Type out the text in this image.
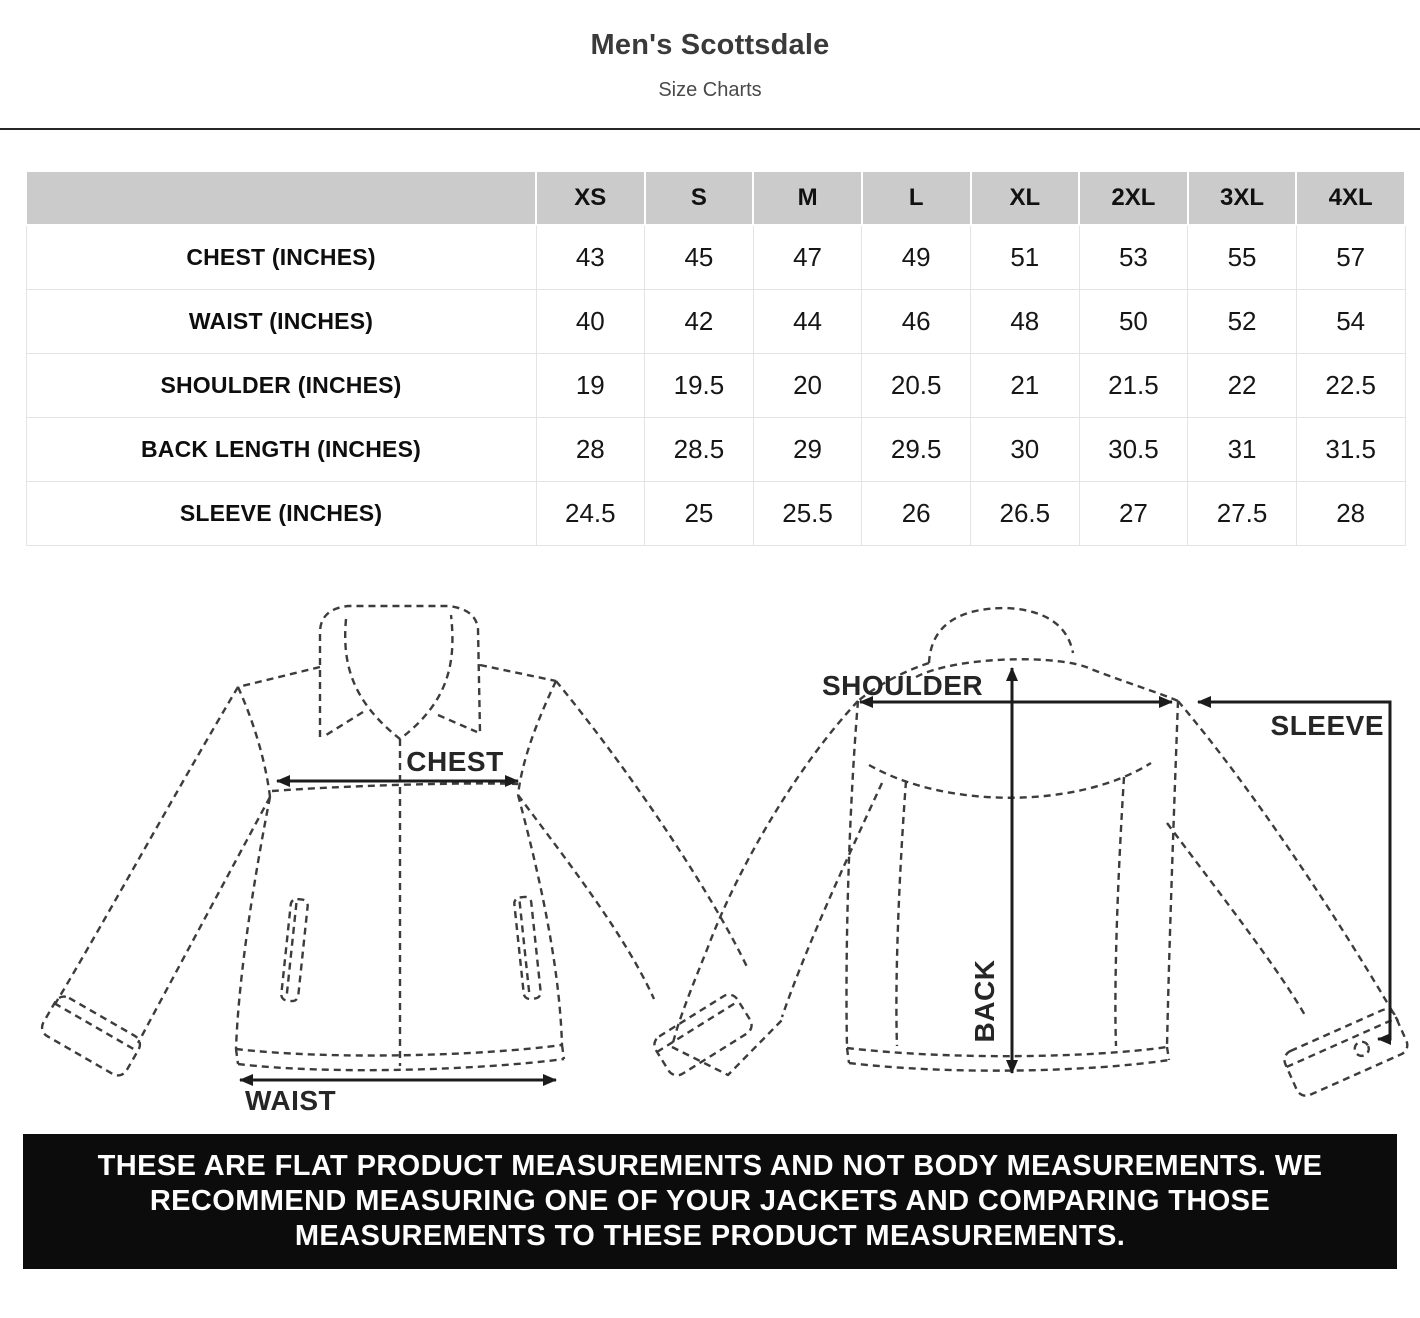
Men's Scottsdale

Size Charts

	XS	S	M	L	XL	2XL	3XL	4XL
CHEST (INCHES)	43	45	47	49	51	53	55	57
WAIST (INCHES)	40	42	44	46	48	50	52	54
SHOULDER (INCHES)	19	19.5	20	20.5	21	21.5	22	22.5
BACK LENGTH (INCHES)	28	28.5	29	29.5	30	30.5	31	31.5
SLEEVE (INCHES)	24.5	25	25.5	26	26.5	27	27.5	28
CHEST
WAIST
SHOULDER
BACK
SLEEVE
THESE ARE FLAT PRODUCT MEASUREMENTS AND NOT BODY MEASUREMENTS. WE
RECOMMEND MEASURING ONE OF YOUR JACKETS AND COMPARING THOSE
MEASUREMENTS TO THESE PRODUCT MEASUREMENTS.
